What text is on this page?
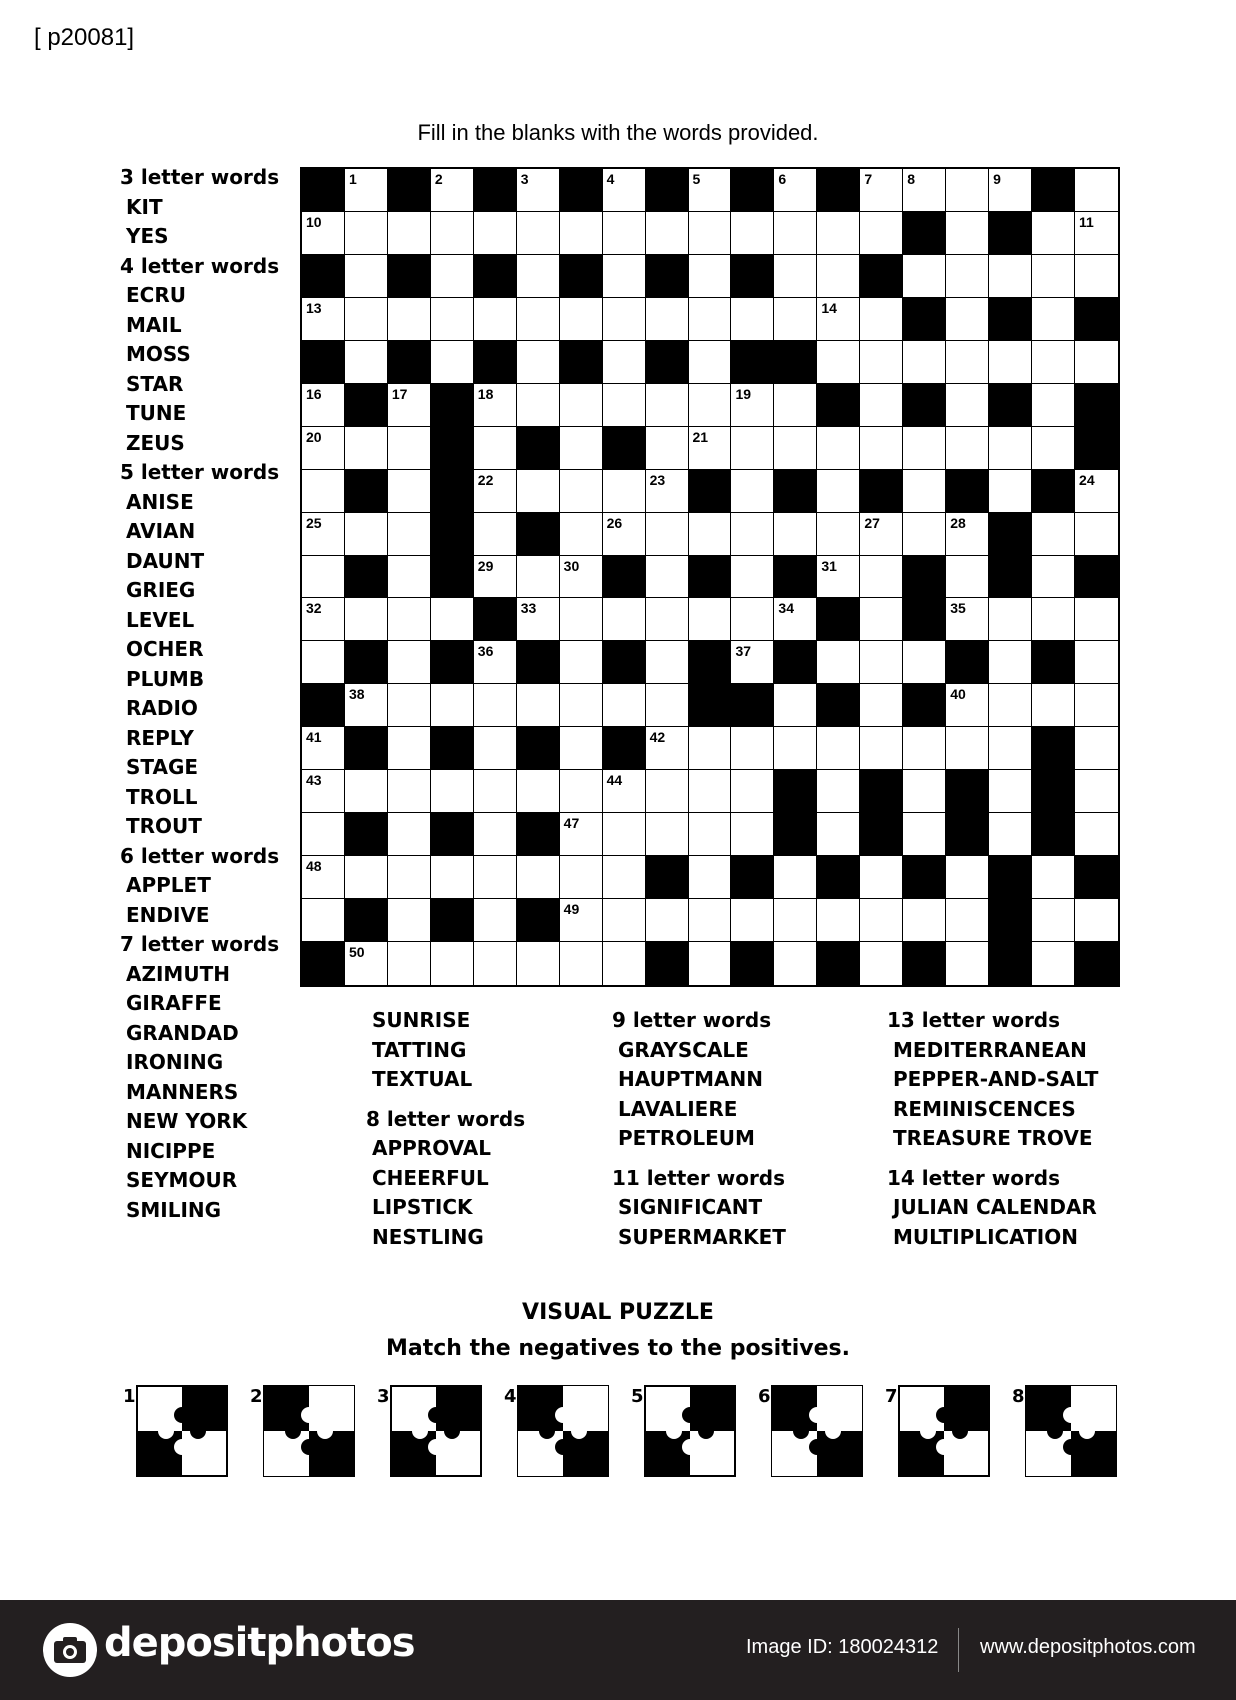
[ p20081]
Fill in the blanks with the words provided.
3 letter words
KIT
YES
4 letter words
ECRU
MAIL
MOSS
STAR
TUNE
ZEUS
5 letter words
ANISE
AVIAN
DAUNT
GRIEG
LEVEL
OCHER
PLUMB
RADIO
REPLY
STAGE
TROLL
TROUT
6 letter words
APPLET
ENDIVE
7 letter words
AZIMUTH
GIRAFFE
GRANDAD
IRONING
MANNERS
NEW YORK
NICIPPE
SEYMOUR
SMILING
SUNRISE
TATTING
TEXTUAL
8 letter words
APPROVAL
CHEERFUL
LIPSTICK
NESTLING
9 letter words
GRAYSCALE
HAUPTMANN
LAVALIERE
PETROLEUM
11 letter words
SIGNIFICANT
SUPERMARKET
13 letter words
MEDITERRANEAN
PEPPER-AND-SALT
REMINISCENCES
TREASURE TROVE
14 letter words
JULIAN CALENDAR
MULTIPLICATION
1	2	3	4	5	6	7	8	9
10	11
12
13	14
15
16	17	18	19
20	21
22	23	24
25	26	27	28
29	30	31
32	33	34	35
36	37
38	39	40
41	42
43	44	45	46
47
48
49
50
VISUAL PUZZLE
Match the negatives to the positives.
1	2	3	4	5	6	7	8
depositphotos	Image ID: 180024312 www.depositphotos.com
